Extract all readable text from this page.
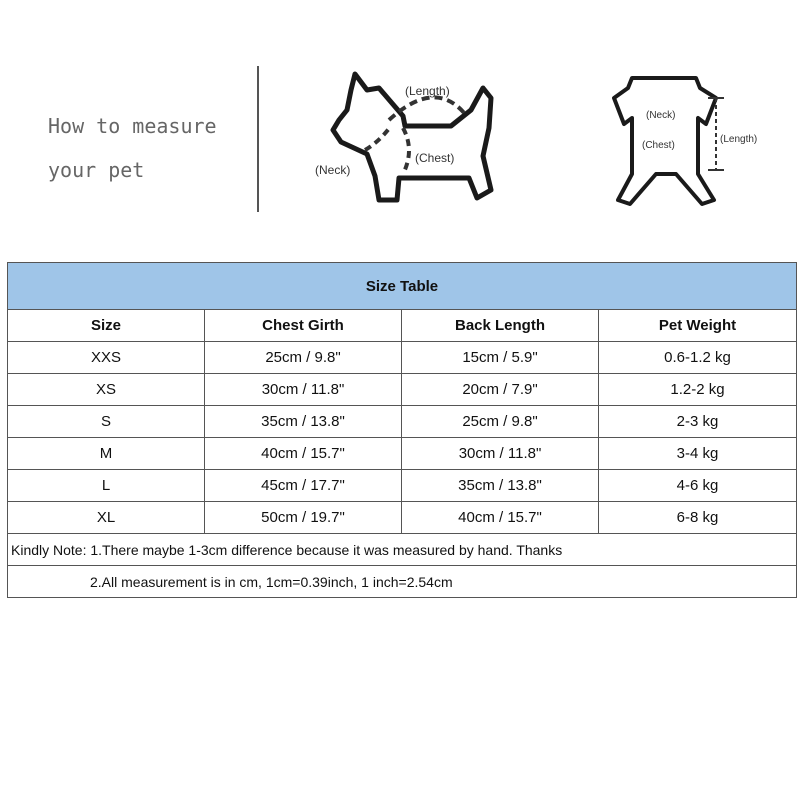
How to measure
your pet

(Length)
(Neck)
(Chest)
(Neck)
(Chest)
(Length)
Size Table			
Size	Chest Girth	Back Length	Pet Weight
XXS	25cm / 9.8"	15cm / 5.9"	0.6-1.2 kg
XS	30cm / 11.8"	20cm / 7.9"	1.2-2 kg
S	35cm / 13.8"	25cm / 9.8"	2-3 kg
M	40cm / 15.7"	30cm / 11.8"	3-4 kg
L	45cm / 17.7"	35cm / 13.8"	4-6 kg
XL	50cm / 19.7"	40cm / 15.7"	6-8 kg
Kindly Note: 1.There maybe 1-3cm difference because it was measured by hand. Thanks			
2.All measurement is in cm, 1cm=0.39inch, 1 inch=2.54cm			
